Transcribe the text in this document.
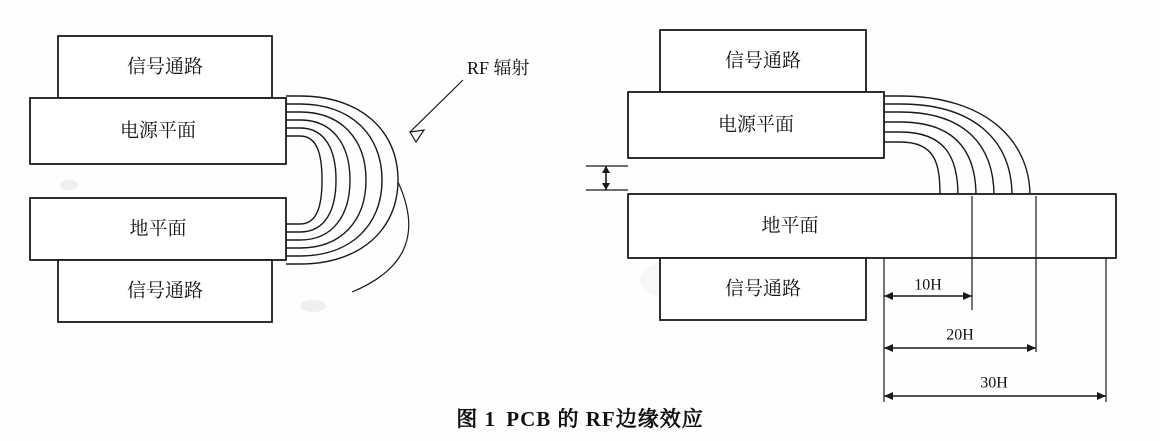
信号通路
电源平面
地平面
信号通路
RF 辐射	信号通路
电源平面
地平面
信号通路	10H
20H
30H
图 1 PCB 的 RF边缘效应
